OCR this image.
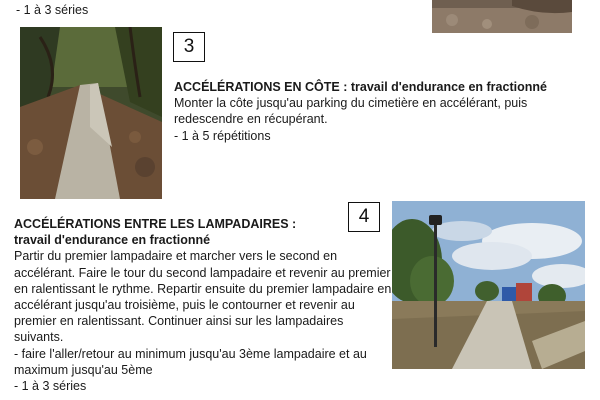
- 1 à 3 séries
3

ACCÉLÉRATIONS EN CÔTE : travail d'endurance en fractionné

Monter la côte jusqu'au parking du cimetière en accélérant, puis redescendre en récupérant.

- 1 à 5 répétitions

4

ACCÉLÉRATIONS ENTRE LES LAMPADAIRES :

travail d'endurance en fractionné

Partir du premier lampadaire et marcher vers le second en accélérant. Faire le tour du second lampadaire et revenir au premier en ralentissant le rythme. Repartir ensuite du premier lampadaire en accélérant jusqu'au troisième, puis le contourner et revenir au premier en ralentissant. Continuer ainsi sur les lampadaires suivants.

- faire l'aller/retour au minimum jusqu'au 3ème lampadaire et au maximum jusqu'au 5ème

- 1 à 3 séries
